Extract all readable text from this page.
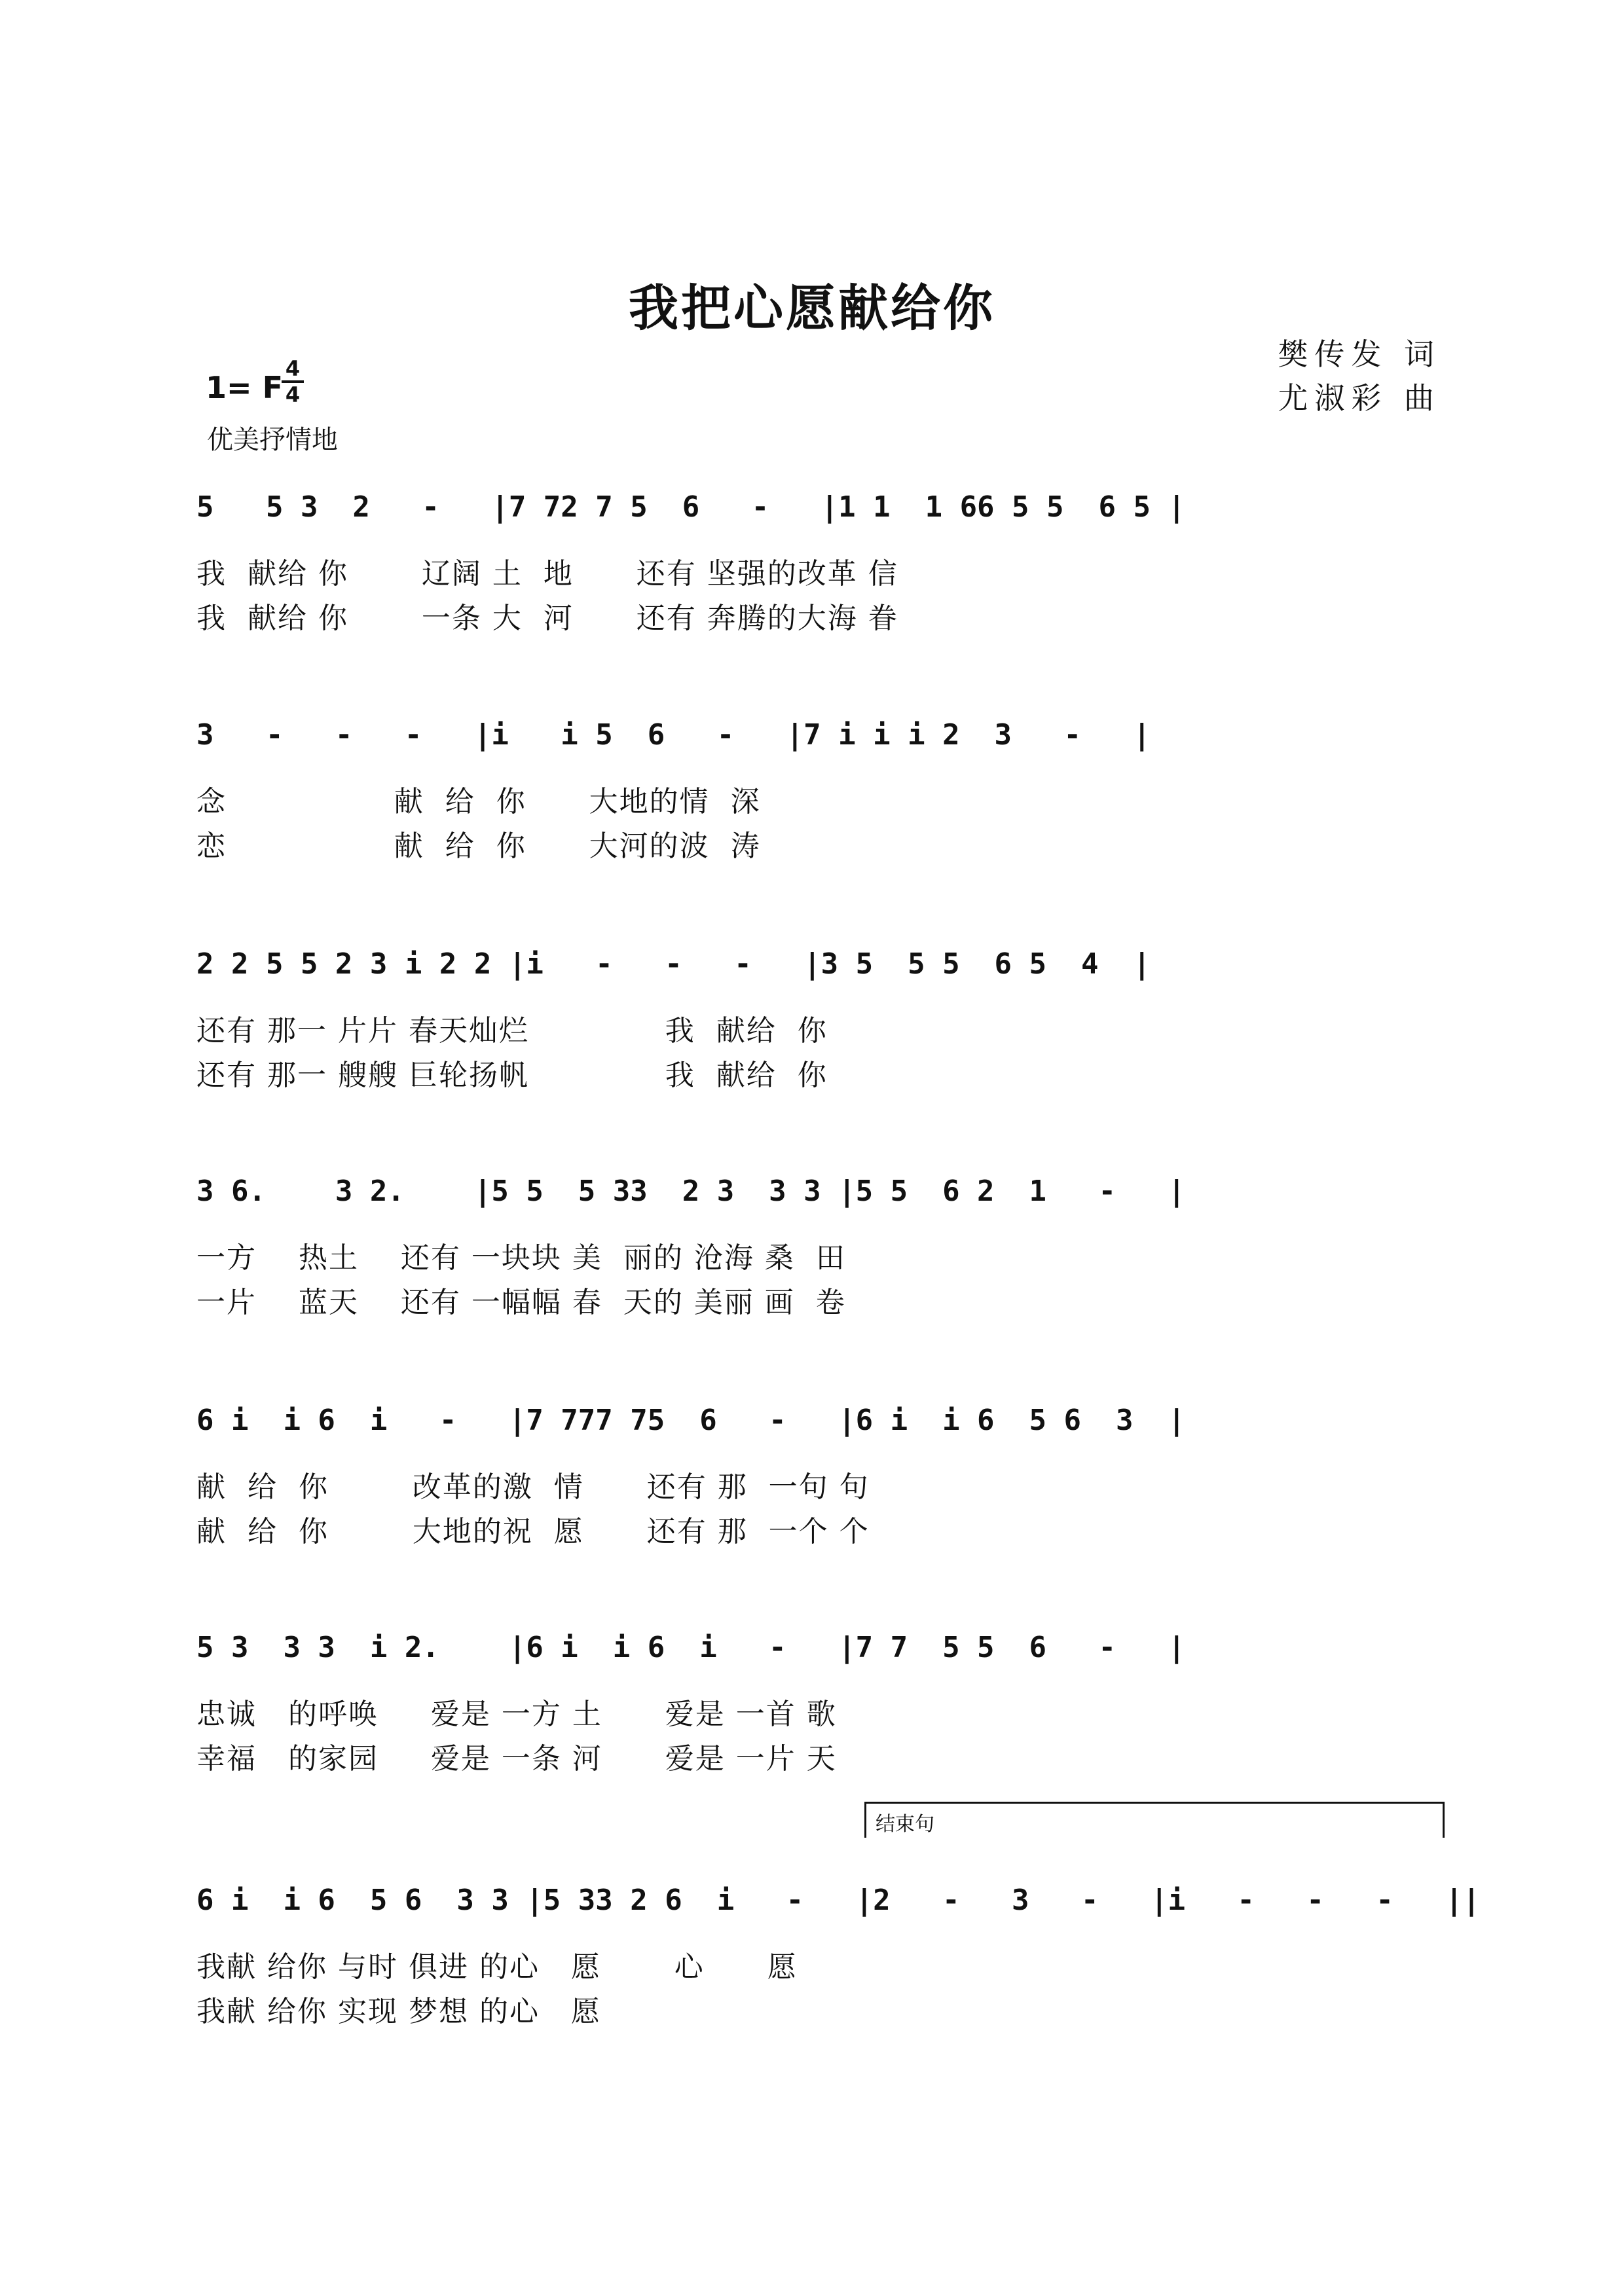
我把心愿献给你
樊传发 词
尤淑彩 曲
1= F
$\frac{4}{4}$
优美抒情地
5   5 3  2   -   |7 72 7 5  6   -   |1 1  1 66 5 5  6 5 |
我  献给 你       辽阔 土  地      还有 坚强的改革 信
我  献给 你       一条 大  河      还有 奔腾的大海 眷
3   -   -   -   |i   i 5  6   -   |7 i i i 2  3   -   |
念                献  给  你      大地的情  深
恋                献  给  你      大河的波  涛
2 2 5 5 2 3 i 2 2 |i   -   -   -   |3 5  5 5  6 5  4  |
还有 那一 片片 春天灿烂             我  献给  你
还有 那一 艘艘 巨轮扬帆             我  献给  你
3 6.    3 2.    |5 5  5 33  2 3  3 3 |5 5  6 2  1   -   |
一方    热土    还有 一块块 美  丽的 沧海 桑  田
一片    蓝天    还有 一幅幅 春  天的 美丽 画  卷
6 i  i 6  i   -   |7 777 75  6   -   |6 i  i 6  5 6  3  |
献  给  你        改革的激  情      还有 那  一句 句
献  给  你        大地的祝  愿      还有 那  一个 个
5 3  3 3  i 2.    |6 i  i 6  i   -   |7 7  5 5  6   -   |
忠诚   的呼唤     爱是 一方 土      爱是 一首 歌
幸福   的家园     爱是 一条 河      爱是 一片 天
结束句
6 i  i 6  5 6  3 3 |5 33 2 6  i   -   |2   -   3   -   |i   -   -   -   ||
我献 给你 与时 俱进 的心   愿       心      愿
我献 给你 实现 梦想 的心   愿
